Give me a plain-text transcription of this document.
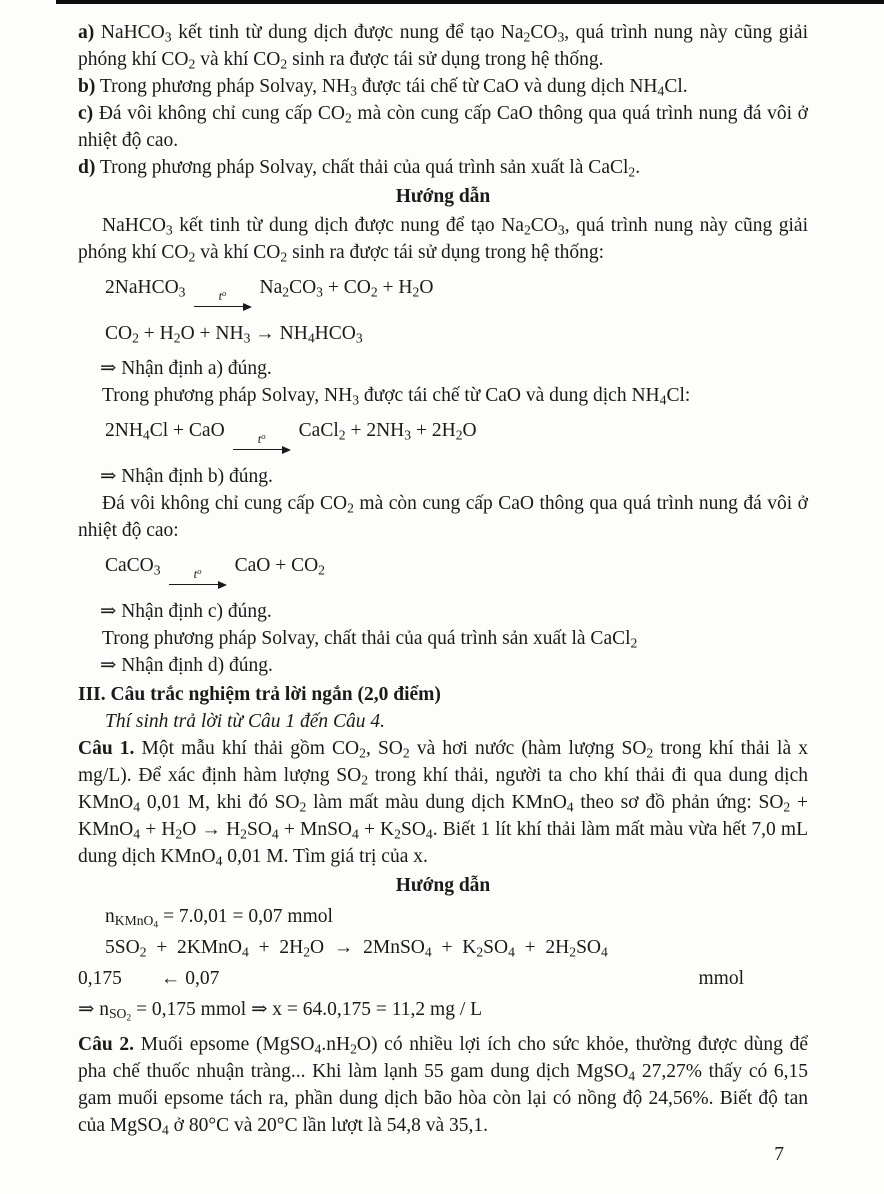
a) NaHCO$_3$ kết tinh từ dung dịch được nung để tạo $Na_2CO_3$, quá trình nung này cũng giải phóng khí $CO_2$ và khí $CO_2$ sinh ra được tái sử dụng trong hệ thống.

b) Trong phương pháp Solvay, $NH_3$ được tái chế từ CaO và dung dịch $NH_4Cl$.

c) Đá vôi không chỉ cung cấp $CO_2$ mà còn cung cấp CaO thông qua quá trình nung đá vôi ở nhiệt độ cao.

d) Trong phương pháp Solvay, chất thải của quá trình sản xuất là CaCl$_2$.

Hướng dẫn

NaHCO$_3$ kết tinh từ dung dịch được nung để tạo $Na_2CO_3$, quá trình nung này cũng giải phóng khí $CO_2$ và khí $CO_2$ sinh ra được tái sử dụng trong hệ thống:

2NaHCO$_3$	$t^o$ $Na_2CO_3 + CO_2 + H_2O$

$CO_2 + H_2O + NH_3 \to NH_4HCO_3$

⇒ Nhận định a) đúng.

Trong phương pháp Solvay, $NH_3$ được tái chế từ CaO và dung dịch $NH_4Cl$:

$2NH_4Cl$ + CaO	$t^o$ CaCl$_2$ + $2NH_3 + 2H_2O$

⇒ Nhận định b) đúng.

Đá vôi không chỉ cung cấp $CO_2$ mà còn cung cấp CaO thông qua quá trình nung đá vôi ở nhiệt độ cao:

CaCO$_3$	$t^o$ CaO + $CO_2$

⇒ Nhận định c) đúng.

Trong phương pháp Solvay, chất thải của quá trình sản xuất là CaCl$_2$

⇒ Nhận định d) đúng.

III. Câu trắc nghiệm trả lời ngắn (2,0 điểm)

Thí sinh trả lời từ Câu 1 đến Câu 4.

Câu 1. Một mẫu khí thải gồm $CO_2$, $SO_2$ và hơi nước (hàm lượng $SO_2$ trong khí thải là x mg/L). Để xác định hàm lượng $SO_2$ trong khí thải, người ta cho khí thải đi qua dung dịch KMnO$_4$ 0,01 M, khi đó $SO_2$ làm mất màu dung dịch KMnO$_4$ theo sơ đồ phản ứng: $SO_2$ + KMnO$_4$ + $H_2O \to H_2SO_4$ + MnSO$_4$ + $K_2SO_4$. Biết 1 lít khí thải làm mất màu vừa hết 7,0 mL dung dịch KMnO$_4$ 0,01 M. Tìm giá trị của x.

Hướng dẫn

$n_{KMnO_4} = 7.0,01 = 0,07$ mmol

$5SO_2$  +  2KMnO$_4$  +  $2H_2O$  →  2MnSO$_4$  +  $K_2SO_4 + 2H_2SO_4$

0,175        ← 0,07	mmol

⇒ $n_{SO_2} = 0,175$ mmol ⇒ x = 64.0,175 = 11,2 mg / L

Câu 2. Muối epsome $(MgSO_4.nH_2O)$ có nhiều lợi ích cho sức khỏe, thường được dùng để pha chế thuốc nhuận tràng... Khi làm lạnh 55 gam dung dịch MgSO$_4$ 27,27% thấy có 6,15 gam muối epsome tách ra, phần dung dịch bão hòa còn lại có nồng độ 24,56%. Biết độ tan của MgSO$_4$ ở 80°C và 20°C lần lượt là 54,8 và 35,1.

7
